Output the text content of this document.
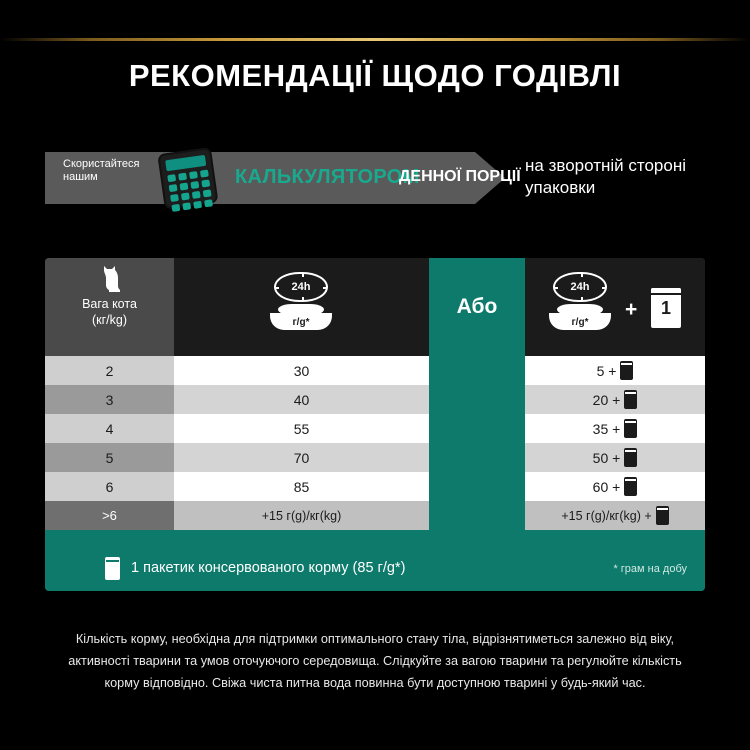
РЕКОМЕНДАЦІЇ ЩОДО ГОДІВЛІ
Скористайтеся нашим	КАЛЬКУЛЯТОРОМ
ДЕННОЇ ПОРЦІЇ
на зворотній стороні упаковки
Вага кота
(кг/kg)
24h
г/g*
Або
24h
г/g*
+	1
2	30	5 +
3	40	20 +
4	55	35 +
5	70	50 +
6	85	60 +
>6	+15 г(g)/кг(kg)	+15 г(g)/кг(kg) +
1 пакетик консервованого корму (85 г/g*)	* грам на добу
Кількість корму, необхідна для підтримки оптимального стану тіла, відрізнятиметься залежно від віку, активності тварини та умов оточуючого середовища. Слідкуйте за вагою тварини та регулюйте кількість корму відповідно. Свіжа чиста питна вода повинна бути доступною тварині у будь-який час.
